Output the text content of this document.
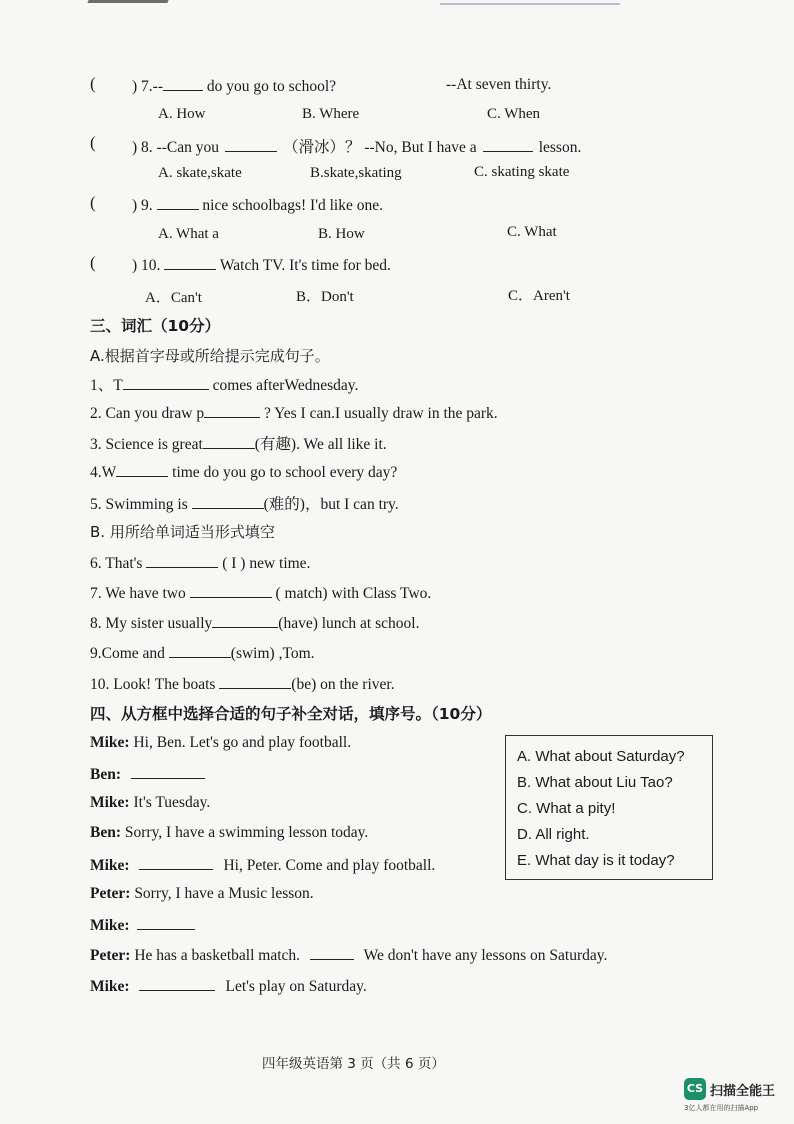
( ) 7.--	do you go to school?	--At seven thirty.
A. How	B. Where	C. When
( ) 8. --Can you	（滑冰）？ --No, But I have a	lesson.
A. skate,skate	B.skate,skating	C. skating skate
( ) 9.	nice schoolbags! I'd like one.
A. What a	B. How	C. What
( ) 10.	Watch TV. It's time for bed.
A．Can't	B．Don't	C．Aren't
三、词汇（10分）
A.根据首字母或所给提示完成句子。
1、T	comes afterWednesday.
2. Can you draw p	? Yes I can.I usually draw in the park.
3. Science is great	(有趣). We all like it.
4.W	time do you go to school every day?
5. Swimming is	(难的)，but I can try.
B. 用所给单词适当形式填空
6. That's	( I ) new time.
7. We have two	( match) with Class Two.
8. My sister usually	(have) lunch at school.
9.Come and	(swim) ,Tom.
10. Look! The boats	(be) on the river.
四、从方框中选择合适的句子补全对话，填序号。（10分）
A. What about Saturday?
B. What about Liu Tao?
C. What a pity!
D. All right.
E. What day is it today?
Mike: Hi, Ben. Let's go and play football.
Ben:
Mike: It's Tuesday.
Ben: Sorry, I have a swimming lesson today.
Mike:	Hi, Peter. Come and play football.
Peter: Sorry, I have a Music lesson.
Mike:
Peter: He has a basketball match.	We don't have any lessons on Saturday.
Mike:	Let's play on Saturday.
四年级英语第 3 页（共 6 页）
CS 扫描全能王
3亿人都在用的扫描App
